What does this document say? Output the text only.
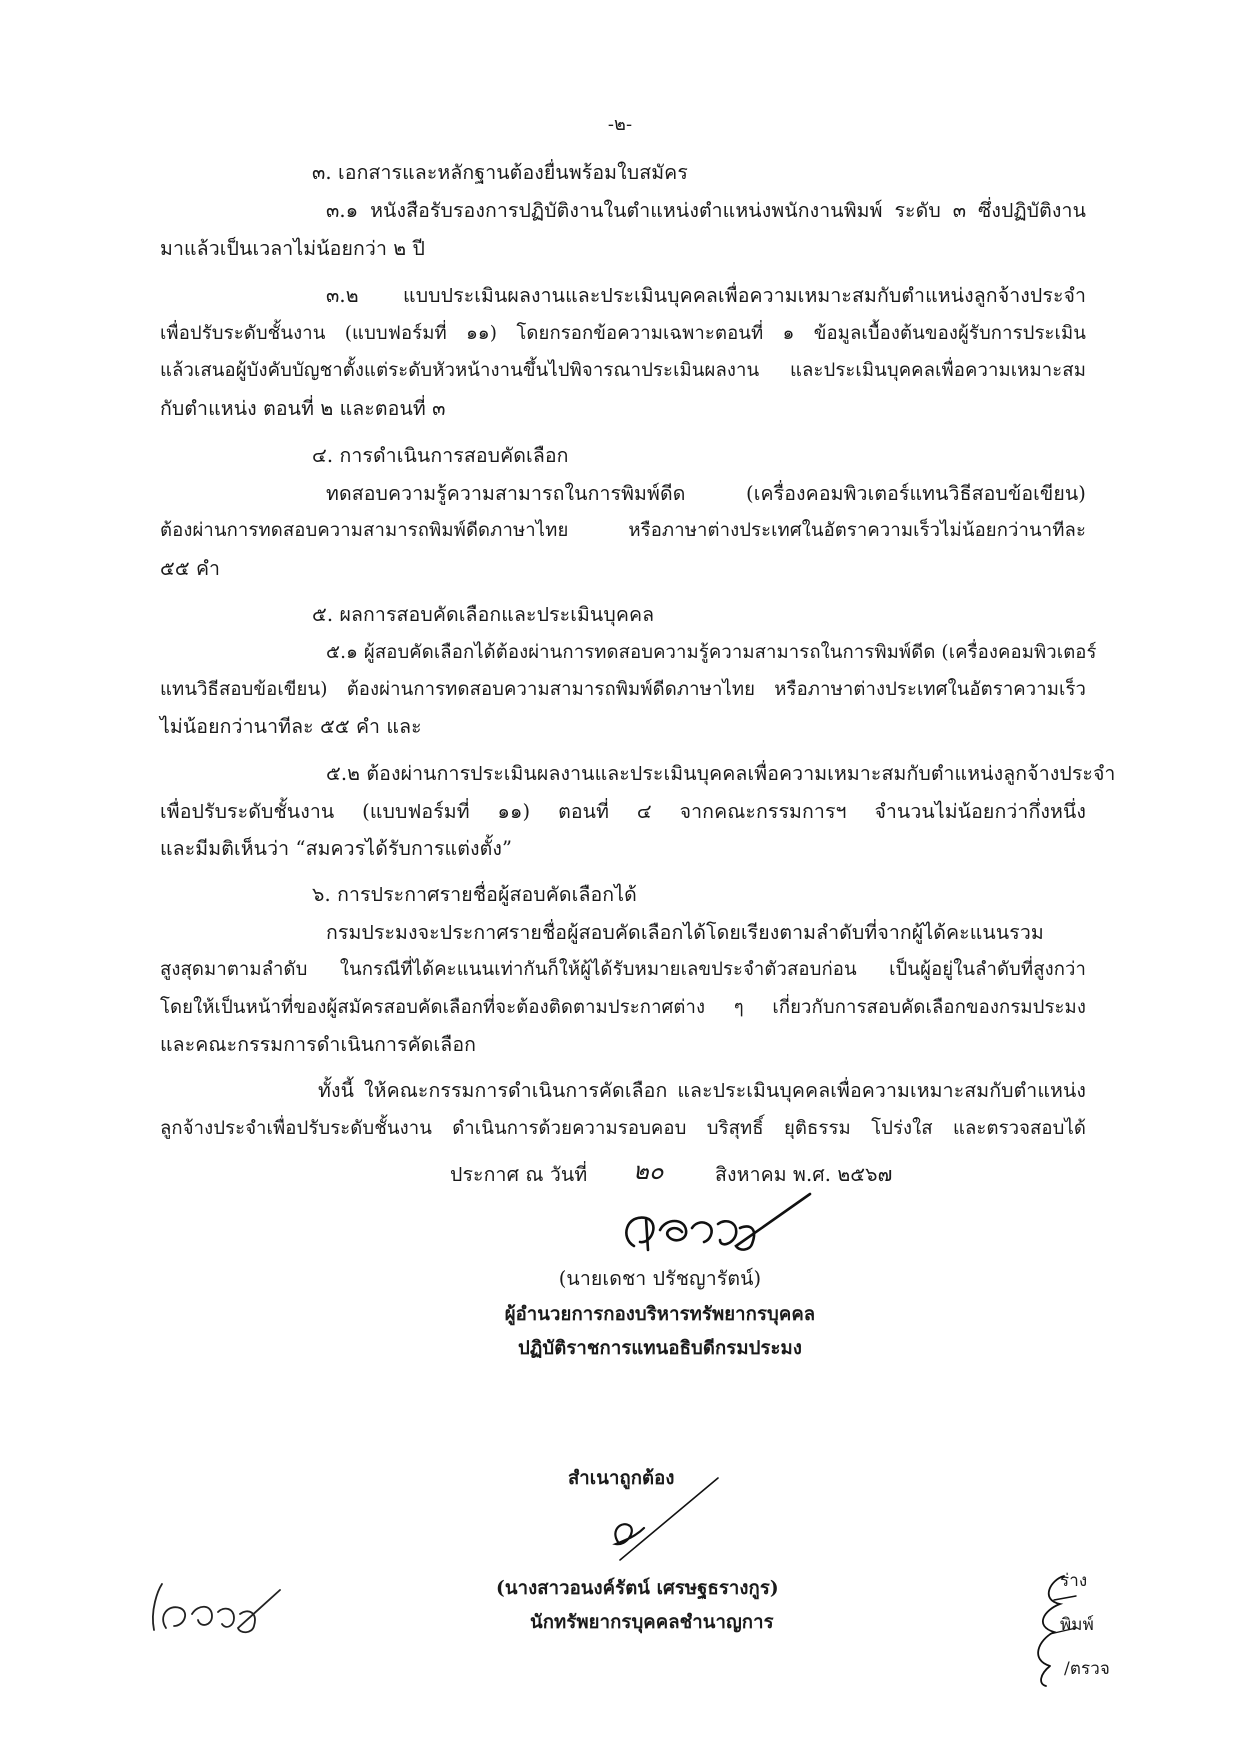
-๒-
๓. เอกสารและหลักฐานต้องยื่นพร้อมใบสมัคร
๓.๑ หนังสือรับรองการปฏิบัติงานในตำแหน่งตำแหน่งพนักงานพิมพ์ ระดับ ๓ ซึ่งปฏิบัติงาน
มาแล้วเป็นเวลาไม่น้อยกว่า ๒ ปี
๓.๒ แบบประเมินผลงานและประเมินบุคคลเพื่อความเหมาะสมกับตำแหน่งลูกจ้างประจำ
เพื่อปรับระดับชั้นงาน (แบบฟอร์มที่ ๑๑) โดยกรอกข้อความเฉพาะตอนที่ ๑ ข้อมูลเบื้องต้นของผู้รับการประเมิน
แล้วเสนอผู้บังคับบัญชาตั้งแต่ระดับหัวหน้างานขึ้นไปพิจารณาประเมินผลงาน และประเมินบุคคลเพื่อความเหมาะสม
กับตำแหน่ง ตอนที่ ๒ และตอนที่ ๓
๔. การดำเนินการสอบคัดเลือก
ทดสอบความรู้ความสามารถในการพิมพ์ดีด (เครื่องคอมพิวเตอร์แทนวิธีสอบข้อเขียน)
ต้องผ่านการทดสอบความสามารถพิมพ์ดีดภาษาไทย หรือภาษาต่างประเทศในอัตราความเร็วไม่น้อยกว่านาทีละ
๕๕ คำ
๕. ผลการสอบคัดเลือกและประเมินบุคคล
๕.๑ ผู้สอบคัดเลือกได้ต้องผ่านการทดสอบความรู้ความสามารถในการพิมพ์ดีด (เครื่องคอมพิวเตอร์
แทนวิธีสอบข้อเขียน) ต้องผ่านการทดสอบความสามารถพิมพ์ดีดภาษาไทย หรือภาษาต่างประเทศในอัตราความเร็ว
ไม่น้อยกว่านาทีละ ๕๕ คำ และ
๕.๒ ต้องผ่านการประเมินผลงานและประเมินบุคคลเพื่อความเหมาะสมกับตำแหน่งลูกจ้างประจำ
เพื่อปรับระดับชั้นงาน (แบบฟอร์มที่ ๑๑) ตอนที่ ๔ จากคณะกรรมการฯ จำนวนไม่น้อยกว่ากึ่งหนึ่ง
และมีมติเห็นว่า “สมควรได้รับการแต่งตั้ง”
๖. การประกาศรายชื่อผู้สอบคัดเลือกได้
กรมประมงจะประกาศรายชื่อผู้สอบคัดเลือกได้โดยเรียงตามลำดับที่จากผู้ได้คะแนนรวม
สูงสุดมาตามลำดับ ในกรณีที่ได้คะแนนเท่ากันก็ให้ผู้ได้รับหมายเลขประจำตัวสอบก่อน เป็นผู้อยู่ในลำดับที่สูงกว่า
โดยให้เป็นหน้าที่ของผู้สมัครสอบคัดเลือกที่จะต้องติดตามประกาศต่าง ๆ เกี่ยวกับการสอบคัดเลือกของกรมประมง
และคณะกรรมการดำเนินการคัดเลือก
ทั้งนี้ ให้คณะกรรมการดำเนินการคัดเลือก และประเมินบุคคลเพื่อความเหมาะสมกับตำแหน่ง
ลูกจ้างประจำเพื่อปรับระดับชั้นงาน ดำเนินการด้วยความรอบคอบ บริสุทธิ์ ยุติธรรม โปร่งใส และตรวจสอบได้
ประกาศ ณ วันที่ ๒๐	สิงหาคม พ.ศ. ๒๕๖๗
(นายเดชา ปรัชญารัตน์)
ผู้อำนวยการกองบริหารทรัพยากรบุคคล
ปฏิบัติราชการแทนอธิบดีกรมประมง
สำเนาถูกต้อง
(นางสาวอนงค์รัตน์ เศรษฐธรางกูร)
นักทรัพยากรบุคคลชำนาญการ
ร่าง
พิมพ์
/ตรวจ
